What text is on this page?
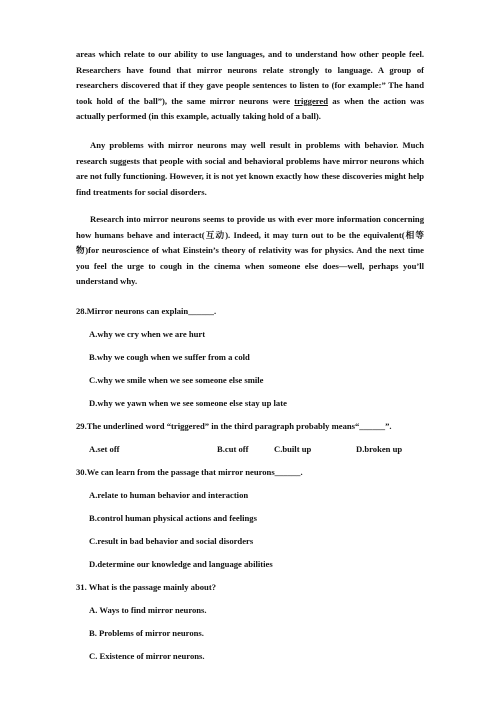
areas which relate to our ability to use languages, and to understand how other people feel. Researchers have found that mirror neurons relate strongly to language. A group of researchers discovered that if they gave people sentences to listen to (for example:” The hand took hold of the ball”), the same mirror neurons were triggered as when the action was actually performed (in this example, actually taking hold of a ball).

Any problems with mirror neurons may well result in problems with behavior. Much research suggests that people with social and behavioral problems have mirror neurons which are not fully functioning. However, it is not yet known exactly how these discoveries might help find treatments for social disorders.

Research into mirror neurons seems to provide us with ever more information concerning how humans behave and interact(互动). Indeed, it may turn out to be the equivalent(相等物)for neuroscience of what Einstein’s theory of relativity was for physics. And the next time you feel the urge to cough in the cinema when someone else does—well, perhaps you’ll understand why.

28.Mirror neurons can explain______.
A.why we cry when we are hurt
B.why we cough when we suffer from a cold
C.why we smile when we see someone else smile
D.why we yawn when we see someone else stay up late
29.The underlined word “triggered” in the third paragraph probably means“______”.
A.set off	B.cut off	C.built up	D.broken up
30.We can learn from the passage that mirror neurons______.
A.relate to human behavior and interaction
B.control human physical actions and feelings
C.result in bad behavior and social disorders
D.determine our knowledge and language abilities
31. What is the passage mainly about?
A. Ways to find mirror neurons.
B. Problems of mirror neurons.
C. Existence of mirror neurons.
